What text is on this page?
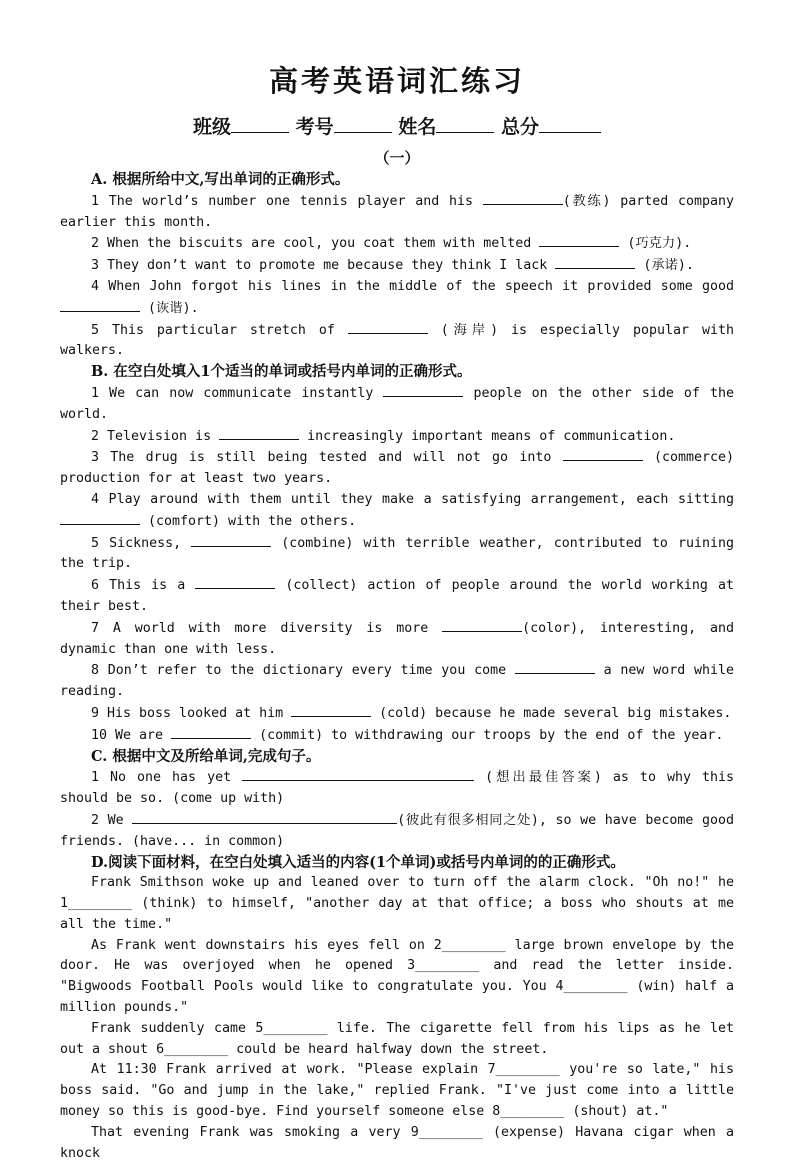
高考英语词汇练习
班级	考号	姓名	总分
（一）
A. 根据所给中文,写出单词的正确形式。
1 The world’s number one tennis player and his	(教练) parted company earlier this month.
2 When the biscuits are cool, you coat them with melted	(巧克力).
3 They don’t want to promote me because they think I lack	(承诺).
4 When John forgot his lines in the middle of the speech it provided some good  (诙谐).
5 This particular stretch of	(海岸) is especially popular with walkers.
B. 在空白处填入1个适当的单词或括号内单词的正确形式。
1 We can now communicate instantly	people on the other side of the world.
2 Television is	increasingly important means of communication.
3 The drug is still being tested and will not go into	(commerce) production for at least two years.
4 Play around with them until they make a satisfying arrangement, each sitting  (comfort) with the others.
5 Sickness,	(combine) with terrible weather, contributed to ruining the trip.
6 This is a	(collect) action of people around the world working at their best.
7 A world with more diversity is more	(color), interesting, and dynamic than one with less.
8 Don’t refer to the dictionary every time you come	a new word while reading.
9 His boss looked at him	(cold) because he made several big mistakes.
10 We are	(commit) to withdrawing our troops by the end of the year.
C. 根据中文及所给单词,完成句子。
1 No one has yet	(想出最佳答案) as to why this should be so. (come up with)
2 We	(彼此有很多相同之处), so we have become good friends. (have... in common)
D.阅读下面材料，在空白处填入适当的内容(1个单词)或括号内单词的的正确形式。
Frank Smithson woke up and leaned over to turn off the alarm clock. "Oh no!" he 1________ (think) to himself, "another day at that office; a boss who shouts at me all the time."
As Frank went downstairs his eyes fell on 2________ large brown envelope by the door. He was overjoyed when he opened 3________ and read the letter inside. "Bigwoods Football Pools would like to congratulate you. You 4________ (win) half a million pounds."
Frank suddenly came 5________ life. The cigarette fell from his lips as he let out a shout 6________ could be heard halfway down the street.
At 11:30 Frank arrived at work. "Please explain 7________ you're so late," his boss said. "Go and jump in the lake," replied Frank. "I've just come into a little money so this is good-bye. Find yourself someone else 8________ (shout) at."
That evening Frank was smoking a very 9________ (expense) Havana cigar when a knock
